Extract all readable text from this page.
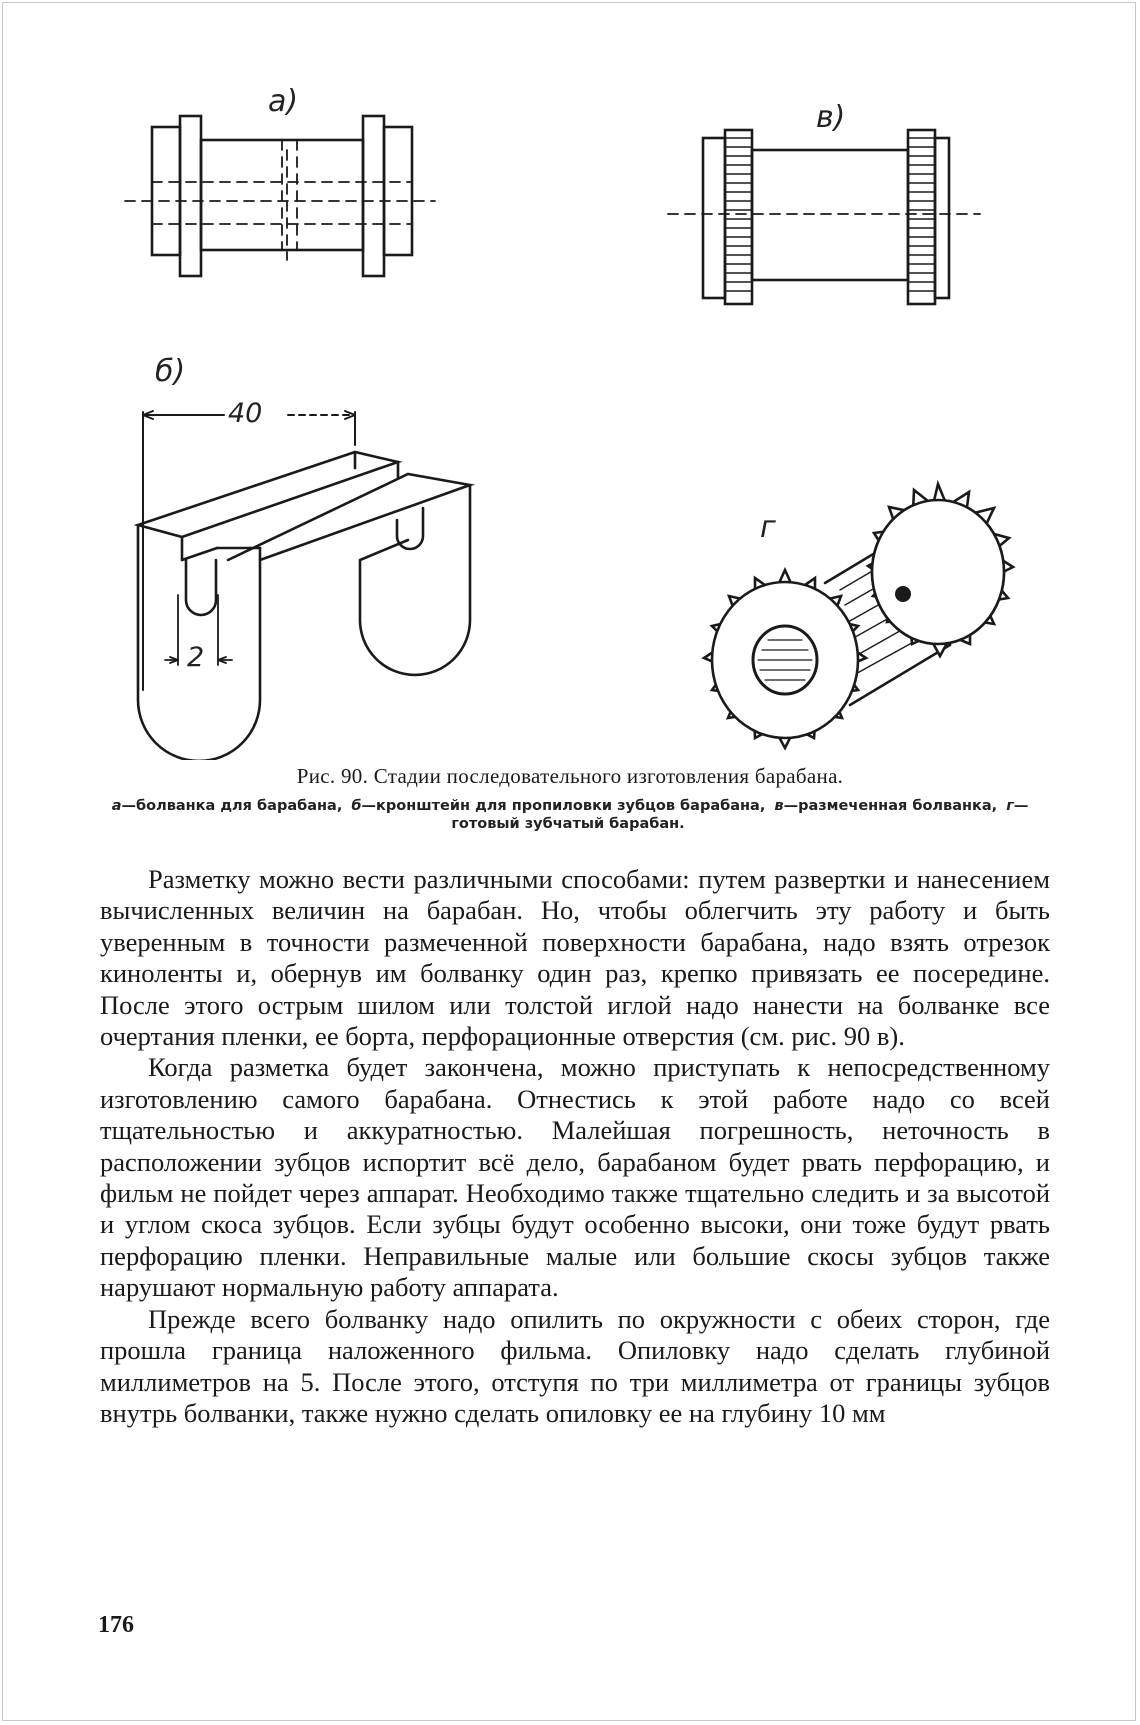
а)	в)
б)
г
40
2

Рис. 90. Стадии последовательного изготовления барабана.

а—болванка для барабана, б—кронштейн для пропиловки зубцов барабана, в—размеченная болванка, г—готовый зубчатый барабан.

Разметку можно вести различными способами: путем развертки и нанесением вычисленных величин на барабан. Но, чтобы облегчить эту работу и быть уверенным в точности размеченной поверхности барабана, надо взять отрезок киноленты и, обернув им болванку один раз, крепко привязать ее посередине. После этого острым шилом или толстой иглой надо нанести на болванке все очертания пленки, ее борта, перфорационные отверстия (см. рис. 90 в).

Когда разметка будет закончена, можно приступать к непосредственному изготовлению самого барабана. Отнестись к этой работе надо со всей тщательностью и аккуратностью. Малейшая погрешность, неточность в расположении зубцов испортит всё дело, барабаном будет рвать перфорацию, и фильм не пойдет через аппарат. Необходимо также тщательно следить и за высотой и углом скоса зубцов. Если зубцы будут особенно высоки, они тоже будут рвать перфорацию пленки. Неправильные малые или большие скосы зубцов также нарушают нормальную работу аппарата.

Прежде всего болванку надо опилить по окружности с обеих сторон, где прошла граница наложенного фильма. Опиловку надо сделать глубиной миллиметров на 5. После этого, отступя по три миллиметра от границы зубцов внутрь болванки, также нужно сделать опиловку ее на глубину 10 мм

176
